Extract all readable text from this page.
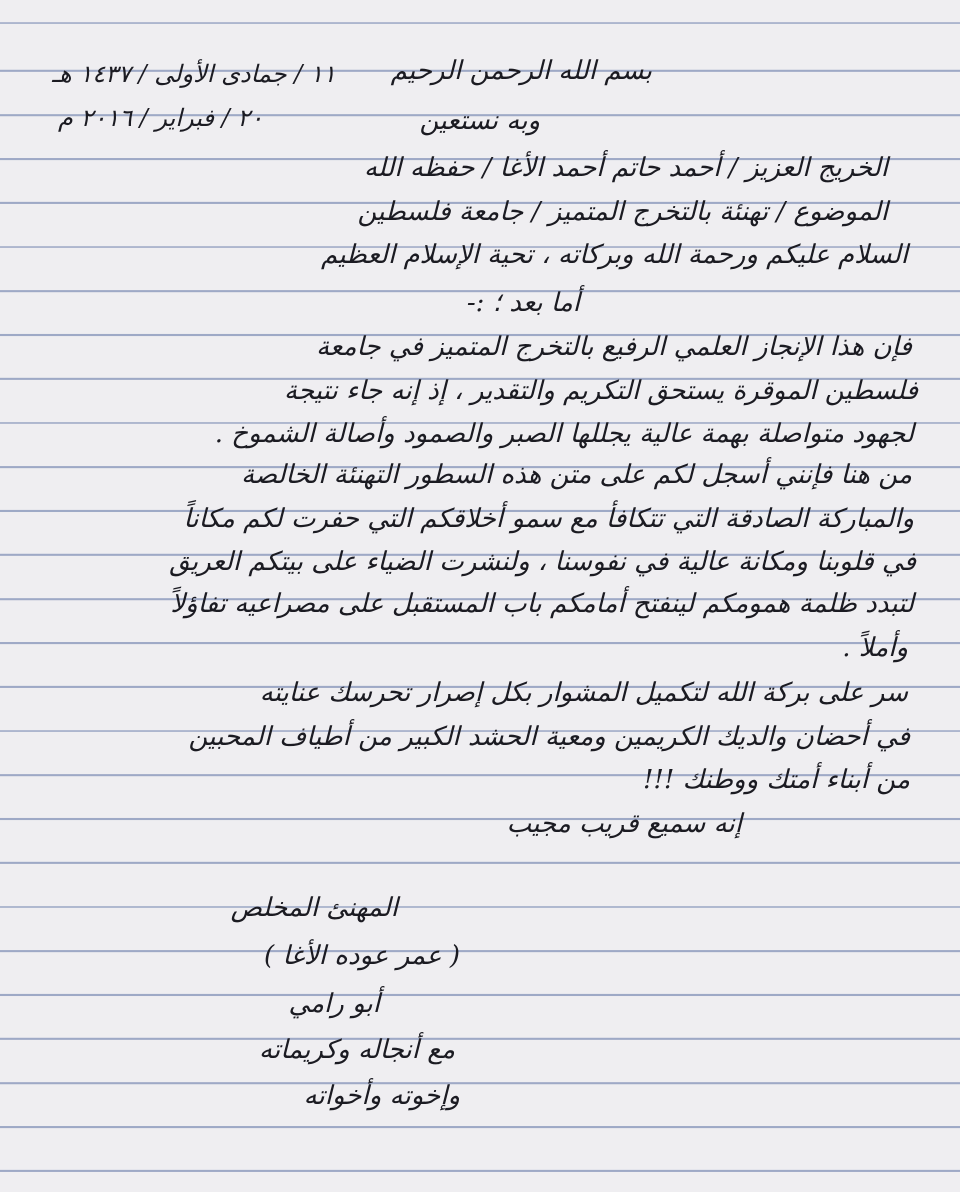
بسم الله الرحمن الرحيم
١١ / جمادى الأولى / ١٤٣٧ هـ
وبه نستعين
٢٠ / فبراير / ٢٠١٦ م
الخريج العزيز / أحمد حاتم أحمد الأغا / حفظه الله
الموضوع / تهنئة بالتخرج المتميز / جامعة فلسطين
السلام عليكم ورحمة الله وبركاته ، تحية الإسلام العظيم
أما بعد ؛ :-
فإن هذا الإنجاز العلمي الرفيع بالتخرج المتميز في جامعة
فلسطين الموقرة يستحق التكريم والتقدير ، إذ إنه جاء نتيجة
لجهود متواصلة بهمة عالية يجللها الصبر والصمود وأصالة الشموخ .
من هنا فإنني أسجل لكم على متن هذه السطور التهنئة الخالصة
والمباركة الصادقة التي تتكافأ مع سمو أخلاقكم التي حفرت لكم مكاناً
في قلوبنا ومكانة عالية في نفوسنا ، ولنشرت الضياء على بيتكم العريق
لتبدد ظلمة همومكم لينفتح أمامكم باب المستقبل على مصراعيه تفاؤلاً
وأملاً .
سر على بركة الله لتكميل المشوار بكل إصرار تحرسك عنايته
في أحضان والديك الكريمين ومعية الحشد الكبير من أطياف المحبين
من أبناء أمتك ووطنك !!!
إنه سميع قريب مجيب
المهنئ المخلص
( عمر عوده الأغا )
أبو رامي
مع أنجاله وكريماته
وإخوته وأخواته
